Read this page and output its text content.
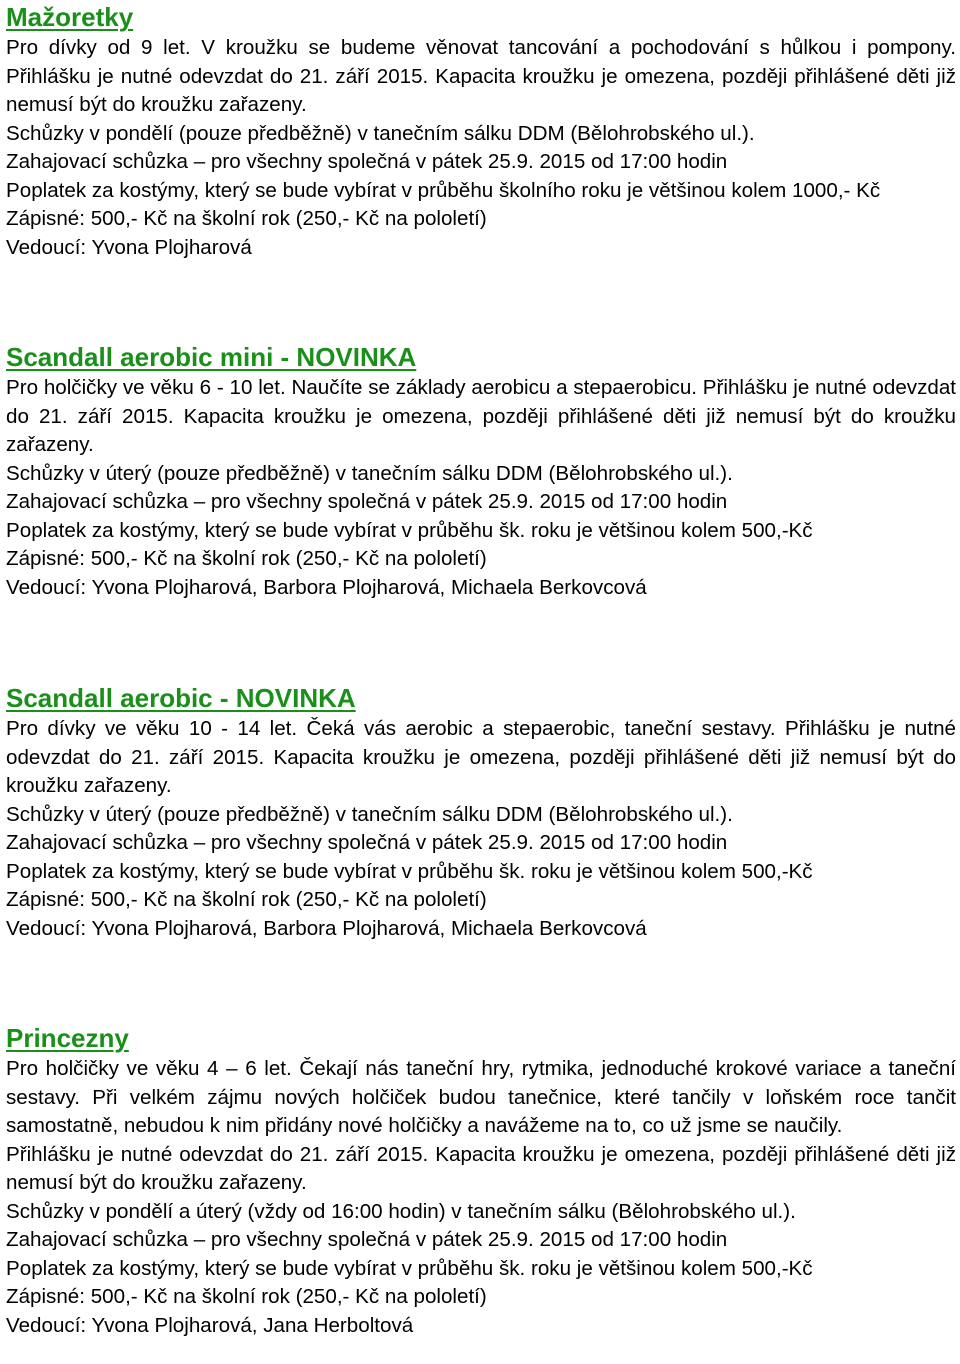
Mažoretky

Pro dívky od 9 let. V kroužku se budeme věnovat tancování a pochodování s hůlkou i pompony. Přihlášku je nutné odevzdat do 21. září 2015. Kapacita kroužku je omezena, později přihlášené děti již nemusí být do kroužku zařazeny.

Schůzky v pondělí (pouze předběžně) v tanečním sálku DDM (Bělohrobského ul.).

Zahajovací schůzka – pro všechny společná v pátek 25.9. 2015 od 17:00 hodin

Poplatek za kostýmy, který se bude vybírat v průběhu školního roku je většinou kolem 1000,- Kč

Zápisné: 500,- Kč na školní rok (250,- Kč na pololetí)

Vedoucí: Yvona Plojharová

Scandall aerobic mini - NOVINKA

Pro holčičky ve věku 6 - 10 let. Naučíte se základy aerobicu a stepaerobicu. Přihlášku je nutné odevzdat do 21. září 2015. Kapacita kroužku je omezena, později přihlášené děti již nemusí být do kroužku zařazeny.

Schůzky v úterý (pouze předběžně) v tanečním sálku DDM (Bělohrobského ul.).

Zahajovací schůzka – pro všechny společná v pátek 25.9. 2015 od 17:00 hodin

Poplatek za kostýmy, který se bude vybírat v průběhu šk. roku je většinou kolem 500,-Kč

Zápisné: 500,- Kč na školní rok (250,- Kč na pololetí)

Vedoucí: Yvona Plojharová, Barbora Plojharová, Michaela Berkovcová

Scandall aerobic - NOVINKA

Pro dívky ve věku 10 - 14 let. Čeká vás aerobic a stepaerobic, taneční sestavy. Přihlášku je nutné odevzdat do 21. září 2015. Kapacita kroužku je omezena, později přihlášené děti již nemusí být do kroužku zařazeny.

Schůzky v úterý (pouze předběžně) v tanečním sálku DDM (Bělohrobského ul.).

Zahajovací schůzka – pro všechny společná v pátek 25.9. 2015 od 17:00 hodin

Poplatek za kostýmy, který se bude vybírat v průběhu šk. roku je většinou kolem 500,-Kč

Zápisné: 500,- Kč na školní rok (250,- Kč na pololetí)

Vedoucí: Yvona Plojharová, Barbora Plojharová, Michaela Berkovcová

Princezny

Pro holčičky ve věku 4 – 6 let. Čekají nás taneční hry, rytmika, jednoduché krokové variace a taneční sestavy. Při velkém zájmu nových holčiček budou tanečnice, které tančily v loňském roce tančit samostatně, nebudou k nim přidány nové holčičky a navážeme na to, co už jsme se naučily.

Přihlášku je nutné odevzdat do 21. září 2015. Kapacita kroužku je omezena, později přihlášené děti již nemusí být do kroužku zařazeny.

Schůzky v pondělí a úterý (vždy od 16:00 hodin) v tanečním sálku (Bělohrobského ul.).

Zahajovací schůzka – pro všechny společná v pátek 25.9. 2015 od 17:00 hodin

Poplatek za kostýmy, který se bude vybírat v průběhu šk. roku je většinou kolem 500,-Kč

Zápisné: 500,- Kč na školní rok (250,- Kč na pololetí)

Vedoucí: Yvona Plojharová, Jana Herboltová
